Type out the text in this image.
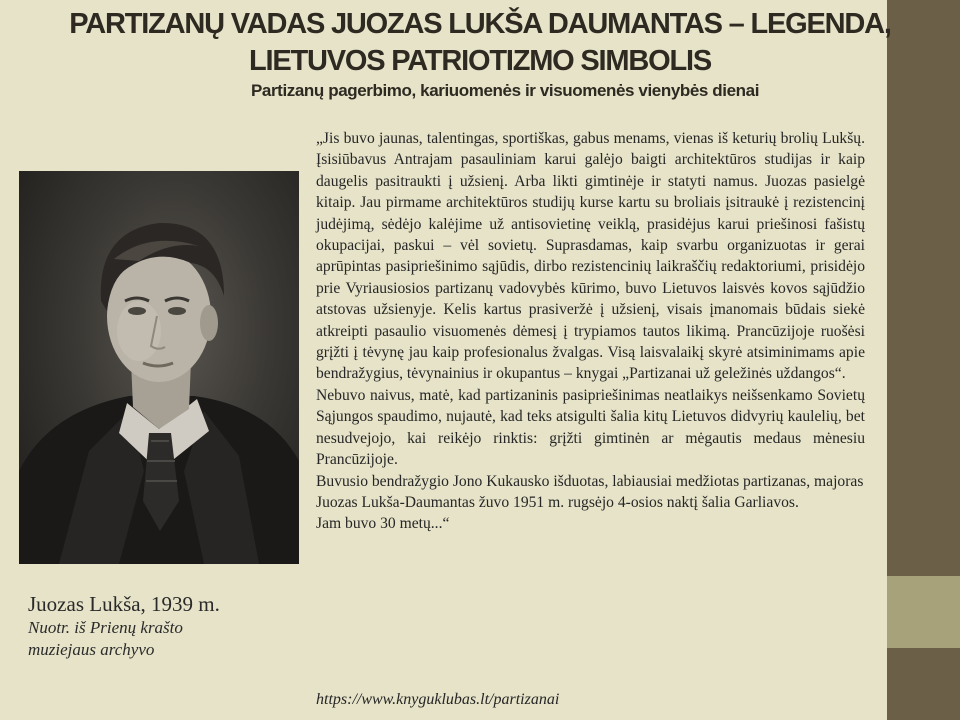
PARTIZANŲ VADAS JUOZAS LUKŠA DAUMANTAS – LEGENDA,
LIETUVOS PATRIOTIZMO SIMBOLIS
Partizanų pagerbimo, kariuomenės ir visuomenės vienybės dienai
Juozas Lukša, 1939 m.
Nuotr. iš Prienų krašto
muziejaus archyvo

„Jis buvo jaunas, talentingas, sportiškas, gabus menams, vienas iš keturių brolių Lukšų. Įsisiūbavus Antrajam pasauliniam karui galėjo baigti architektūros studijas ir kaip daugelis pasitraukti į užsienį. Arba likti gimtinėje ir statyti namus. Juozas pasielgė kitaip. Jau pirmame architektūros studijų kurse kartu su broliais įsitraukė į rezistencinį judėjimą, sėdėjo kalėjime už antisovietinę veiklą, prasidėjus karui priešinosi fašistų okupacijai, paskui – vėl sovietų. Suprasdamas, kaip svarbu organizuotas ir gerai aprūpintas pasipriešinimo sąjūdis, dirbo rezistencinių laikraščių redaktoriumi, prisidėjo prie Vyriausiosios partizanų vadovybės kūrimo, buvo Lietuvos laisvės kovos sąjūdžio atstovas užsienyje. Kelis kartus prasiveržė į užsienį, visais įmanomais būdais siekė atkreipti pasaulio visuomenės dėmesį į trypiamos tautos likimą. Prancūzijoje ruošėsi grįžti į tėvynę jau kaip profesionalus žvalgas. Visą laisvalaikį skyrė atsiminimams apie bendražygius, tėvynainius ir okupantus – knygai „Partizanai už geležinės uždangos“.

Nebuvo naivus, matė, kad partizaninis pasipriešinimas neatlaikys neišsenkamo Sovietų Sąjungos spaudimo, nujautė, kad teks atsigulti šalia kitų Lietuvos didvyrių kaulelių, bet nesudvejojo, kai reikėjo rinktis: grįžti gimtinėn ar mėgautis medaus mėnesiu Prancūzijoje.

Buvusio bendražygio Jono Kukausko išduotas, labiausiai medžiotas partizanas, majoras Juozas Lukša-Daumantas žuvo 1951 m. rugsėjo 4-osios naktį šalia Garliavos.

Jam buvo 30 metų...“

https://www.knyguklubas.lt/partizanai
